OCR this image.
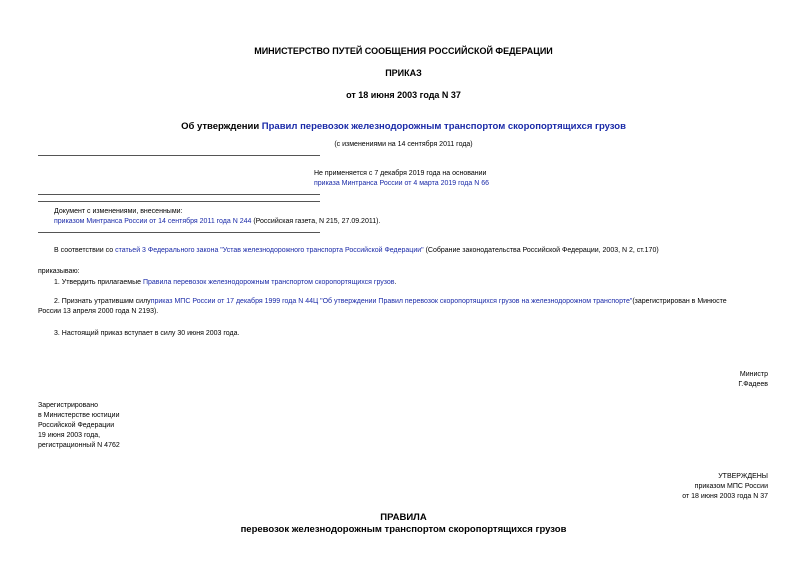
МИНИСТЕРСТВО ПУТЕЙ СООБЩЕНИЯ РОССИЙСКОЙ ФЕДЕРАЦИИ
ПРИКАЗ
от 18 июня 2003 года N 37
Об утверждении Правил перевозок железнодорожным транспортом скоропортящихся грузов
(с изменениями на 14 сентября 2011 года)
Не применяется с 7 декабря 2019 года на основании
приказа Минтранса России от 4 марта 2019 года N 66
Документ с изменениями, внесенными:
приказом Минтранса России от 14 сентября 2011 года N 244 (Российская газета, N 215, 27.09.2011).
В соответствии со статьей 3 Федерального закона "Устав железнодорожного транспорта Российской Федерации" (Собрание законодательства Российской Федерации, 2003, N 2, ст.170)
приказываю:
1. Утвердить прилагаемые Правила перевозок железнодорожным транспортом скоропортящихся грузов.
2. Признать утратившим силуприказ МПС России от 17 декабря 1999 года N 44Ц "Об утверждении Правил перевозок скоропортящихся грузов на железнодорожном транспорте"(зарегистрирован в Минюсте
России 13 апреля 2000 года N 2193).
3. Настоящий приказ вступает в силу 30 июня 2003 года.
Министр
Г.Фадеев
Зарегистрировано
в Министерстве юстиции
Российской Федерации
19 июня 2003 года,
регистрационный N 4762
УТВЕРЖДЕНЫ
приказом МПС России
от 18 июня 2003 года N 37
ПРАВИЛА
перевозок железнодорожным транспортом скоропортящихся грузов
